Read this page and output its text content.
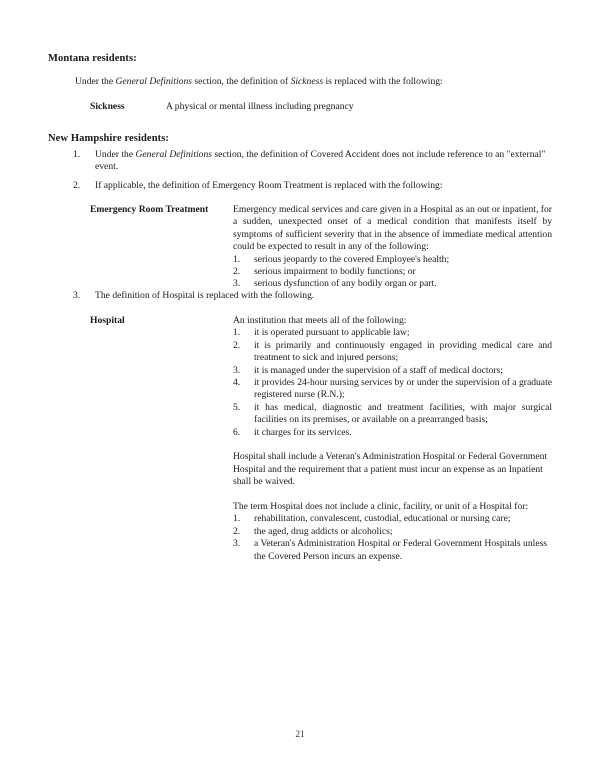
Montana residents:
Under the General Definitions section, the definition of Sickness is replaced with the following:
Sickness	A physical or mental illness including pregnancy
New Hampshire residents:
1.	Under the General Definitions section, the definition of Covered Accident does not include reference to an "external" event.
2.	If applicable, the definition of Emergency Room Treatment is replaced with the following:
Emergency Room Treatment	Emergency medical services and care given in a Hospital as an out or inpatient, for a sudden, unexpected onset of a medical condition that manifests itself by symptoms of sufficient severity that in the absence of immediate medical attention could be expected to result in any of the following:
1.	serious jeopardy to the covered Employee's health;
2.	serious impairment to bodily functions; or
3.	serious dysfunction of any bodily organ or part.
3.	The definition of Hospital is replaced with the following.
Hospital	An institution that meets all of the following:
1.	it is operated pursuant to applicable law;
2.	it is primarily and continuously engaged in providing medical care and treatment to sick and injured persons;
3.	it is managed under the supervision of a staff of medical doctors;
4.	it provides 24-hour nursing services by or under the supervision of a graduate registered nurse (R.N.);
5.	it has medical, diagnostic and treatment facilities, with major surgical facilities on its premises, or available on a prearranged basis;
6.	it charges for its services.
Hospital shall include a Veteran's Administration Hospital or Federal Government Hospital and the requirement that a patient must incur an expense as an Inpatient shall be waived.
The term Hospital does not include a clinic, facility, or unit of a Hospital for:
1.	rehabilitation, convalescent, custodial, educational or nursing care;
2.	the aged, drug addicts or alcoholics;
3.	a Veteran's Administration Hospital or Federal Government Hospitals unless the Covered Person incurs an expense.
21
